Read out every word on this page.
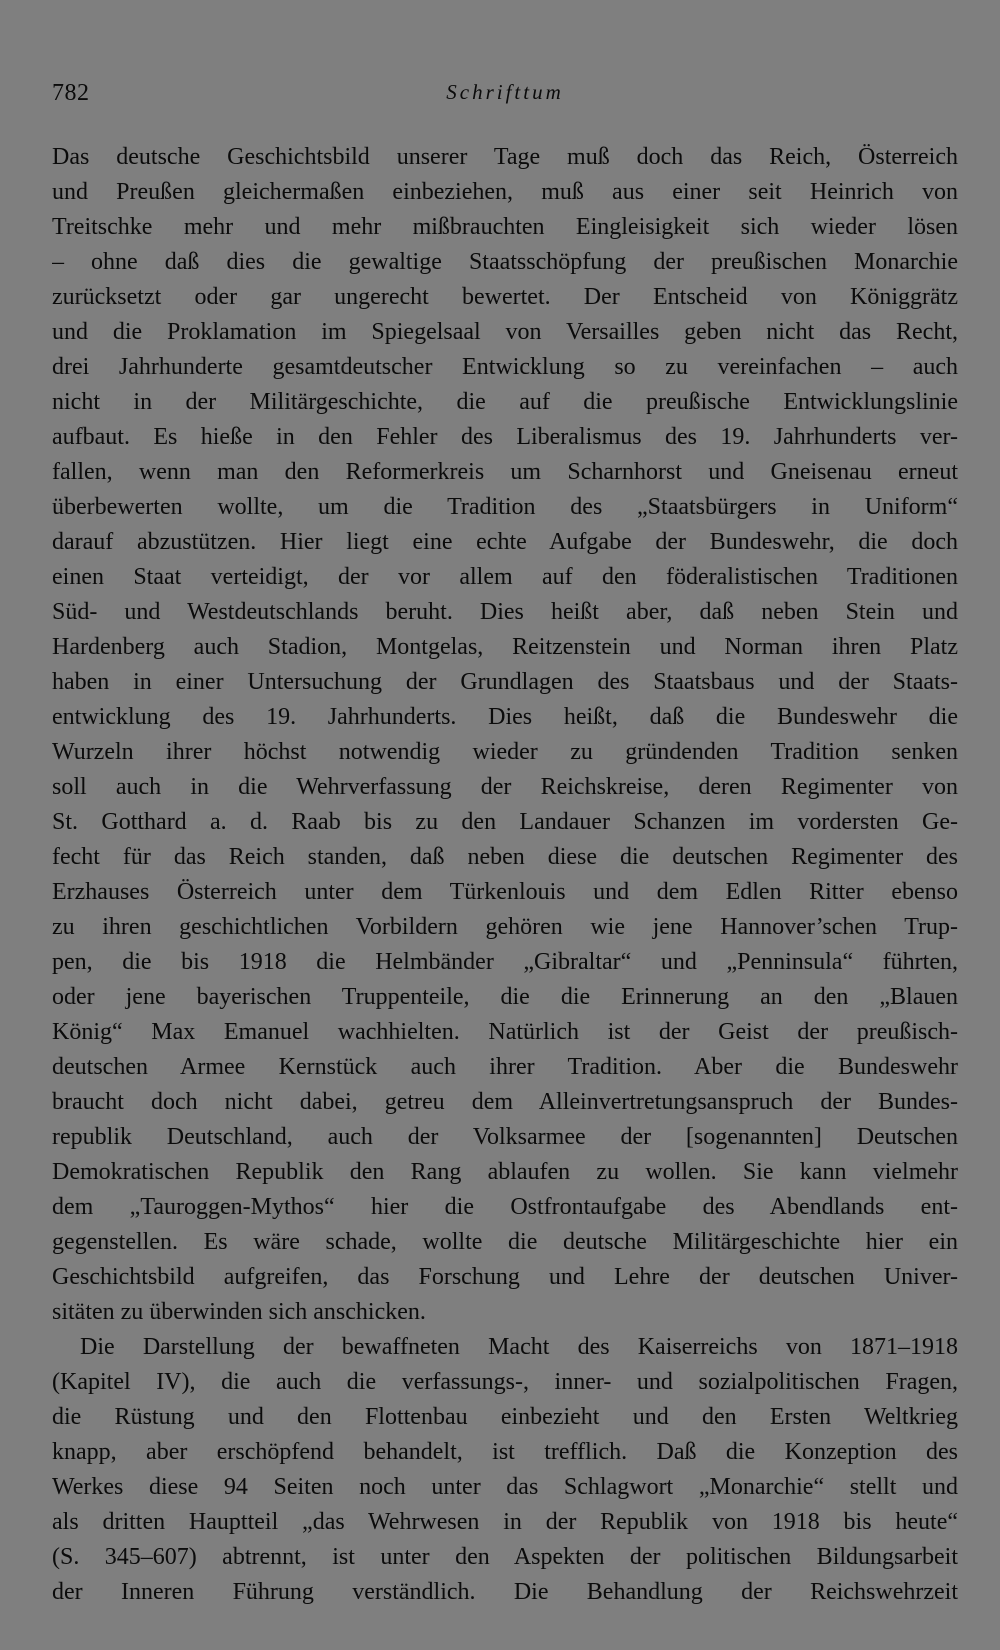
782	Schrifttum
Das deutsche Geschichtsbild unserer Tage muß doch das Reich, Österreich
und Preußen gleichermaßen einbeziehen, muß aus einer seit Heinrich von
Treitschke mehr und mehr mißbrauchten Eingleisigkeit sich wieder lösen
– ohne daß dies die gewaltige Staatsschöpfung der preußischen Monarchie
zurücksetzt oder gar ungerecht bewertet. Der Entscheid von Königgrätz
und die Proklamation im Spiegelsaal von Versailles geben nicht das Recht,
drei Jahrhunderte gesamtdeutscher Entwicklung so zu vereinfachen – auch
nicht in der Militärgeschichte, die auf die preußische Entwicklungslinie
aufbaut. Es hieße in den Fehler des Liberalismus des 19. Jahrhunderts ver-
fallen, wenn man den Reformerkreis um Scharnhorst und Gneisenau erneut
überbewerten wollte, um die Tradition des „Staatsbürgers in Uniform“
darauf abzustützen. Hier liegt eine echte Aufgabe der Bundeswehr, die doch
einen Staat verteidigt, der vor allem auf den föderalistischen Traditionen
Süd- und Westdeutschlands beruht. Dies heißt aber, daß neben Stein und
Hardenberg auch Stadion, Montgelas, Reitzenstein und Norman ihren Platz
haben in einer Untersuchung der Grundlagen des Staatsbaus und der Staats-
entwicklung des 19. Jahrhunderts. Dies heißt, daß die Bundeswehr die
Wurzeln ihrer höchst notwendig wieder zu gründenden Tradition senken
soll auch in die Wehrverfassung der Reichskreise, deren Regimenter von
St. Gotthard a. d. Raab bis zu den Landauer Schanzen im vordersten Ge-
fecht für das Reich standen, daß neben diese die deutschen Regimenter des
Erzhauses Österreich unter dem Türkenlouis und dem Edlen Ritter ebenso
zu ihren geschichtlichen Vorbildern gehören wie jene Hannover’schen Trup-
pen, die bis 1918 die Helmbänder „Gibraltar“ und „Penninsula“ führten,
oder jene bayerischen Truppenteile, die die Erinnerung an den „Blauen
König“ Max Emanuel wachhielten. Natürlich ist der Geist der preußisch-
deutschen Armee Kernstück auch ihrer Tradition. Aber die Bundeswehr
braucht doch nicht dabei, getreu dem Alleinvertretungsanspruch der Bundes-
republik Deutschland, auch der Volksarmee der [sogenannten] Deutschen
Demokratischen Republik den Rang ablaufen zu wollen. Sie kann vielmehr
dem „Tauroggen-Mythos“ hier die Ostfrontaufgabe des Abendlands ent-
gegenstellen. Es wäre schade, wollte die deutsche Militärgeschichte hier ein
Geschichtsbild aufgreifen, das Forschung und Lehre der deutschen Univer-
sitäten zu überwinden sich anschicken.
Die Darstellung der bewaffneten Macht des Kaiserreichs von 1871–1918
(Kapitel IV), die auch die verfassungs-, inner- und sozialpolitischen Fragen,
die Rüstung und den Flottenbau einbezieht und den Ersten Weltkrieg
knapp, aber erschöpfend behandelt, ist trefflich. Daß die Konzeption des
Werkes diese 94 Seiten noch unter das Schlagwort „Monarchie“ stellt und
als dritten Hauptteil „das Wehrwesen in der Republik von 1918 bis heute“
(S. 345–607) abtrennt, ist unter den Aspekten der politischen Bildungsarbeit
der Inneren Führung verständlich. Die Behandlung der Reichswehrzeit
